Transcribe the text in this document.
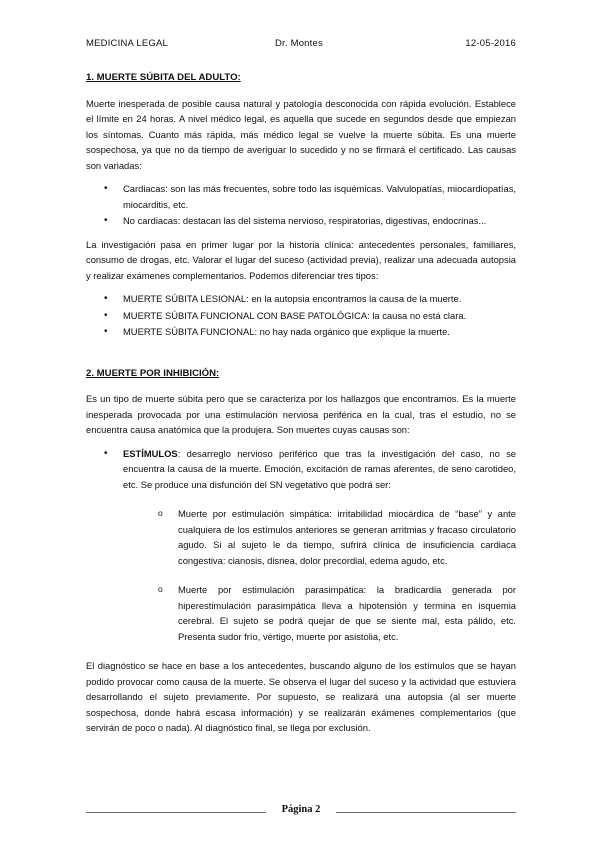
MEDICINA LEGAL	Dr. Montes	12-05-2016
1. MUERTE SÚBITA DEL ADULTO:

Muerte inesperada de posible causa natural y patología desconocida con rápida evolución. Establece el límite en 24 horas. A nivel médico legal, es aquella que sucede en segundos desde que empiezan los síntomas. Cuanto más rápida, más médico legal se vuelve la muerte súbita. Es una muerte sospechosa, ya que no da tiempo de averiguar lo sucedido y no se firmará el certificado. Las causas son variadas:

• Cardiacas: son las más frecuentes, sobre todo las isquémicas. Valvulopatías, miocardiopatías, miocarditis, etc.
• No cardiacas: destacan las del sistema nervioso, respiratorias, digestivas, endocrinas...

La investigación pasa en primer lugar por la historia clínica: antecedentes personales, familiares, consumo de drogas, etc. Valorar el lugar del suceso (actividad previa), realizar una adecuada autopsia y realizar exámenes complementarios. Podemos diferenciar tres tipos:

• MUERTE SÚBITA LESIONAL: en la autopsia encontramos la causa de la muerte.
• MUERTE SÚBITA FUNCIONAL CON BASE PATOLÓGICA: la causa no está clara.
• MUERTE SÚBITA FUNCIONAL: no hay nada orgánico que explique la muerte.
2. MUERTE POR INHIBICIÓN:

Es un tipo de muerte súbita pero que se caracteriza por los hallazgos que encontramos. Es la muerte inesperada provocada por una estimulación nerviosa periférica en la cual, tras el estudio, no se encuentra causa anatómica que la produjera. Son muertes cuyas causas son:

• ESTÍMULOS: desarreglo nervioso periférico que tras la investigación del caso, no se encuentra la causa de la muerte. Emoción, excitación de ramas aferentes, de seno carotideo, etc. Se produce una disfunción del SN vegetativo que podrá ser:
o Muerte por estimulación simpática: irritabilidad miocárdica de “base” y ante cualquiera de los estímulos anteriores se generan arritmias y fracaso circulatorio agudo. Si al sujeto le da tiempo, sufrirá clínica de insuficiencia cardiaca congestiva: cianosis, disnea, dolor precordial, edema agudo, etc.
o Muerte por estimulación parasimpática: la bradicardia generada por hiperestimulación parasimpática lleva a hipotensión y termina en isquemia cerebral. El sujeto se podrá quejar de que se siente mal, esta pálido, etc. Presenta sudor frío, vértigo, muerte por asistolia, etc.

El diagnóstico se hace en base a los antecedentes, buscando alguno de los estímulos que se hayan podido provocar como causa de la muerte. Se observa el lugar del suceso y la actividad que estuviera desarrollando el sujeto previamente. Por supuesto, se realizará una autopsia (al ser muerte sospechosa, donde habrá escasa información) y se realizarán exámenes complementarios (que servirán de poco o nada). Al diagnóstico final, se llega por exclusión.

Página 2
